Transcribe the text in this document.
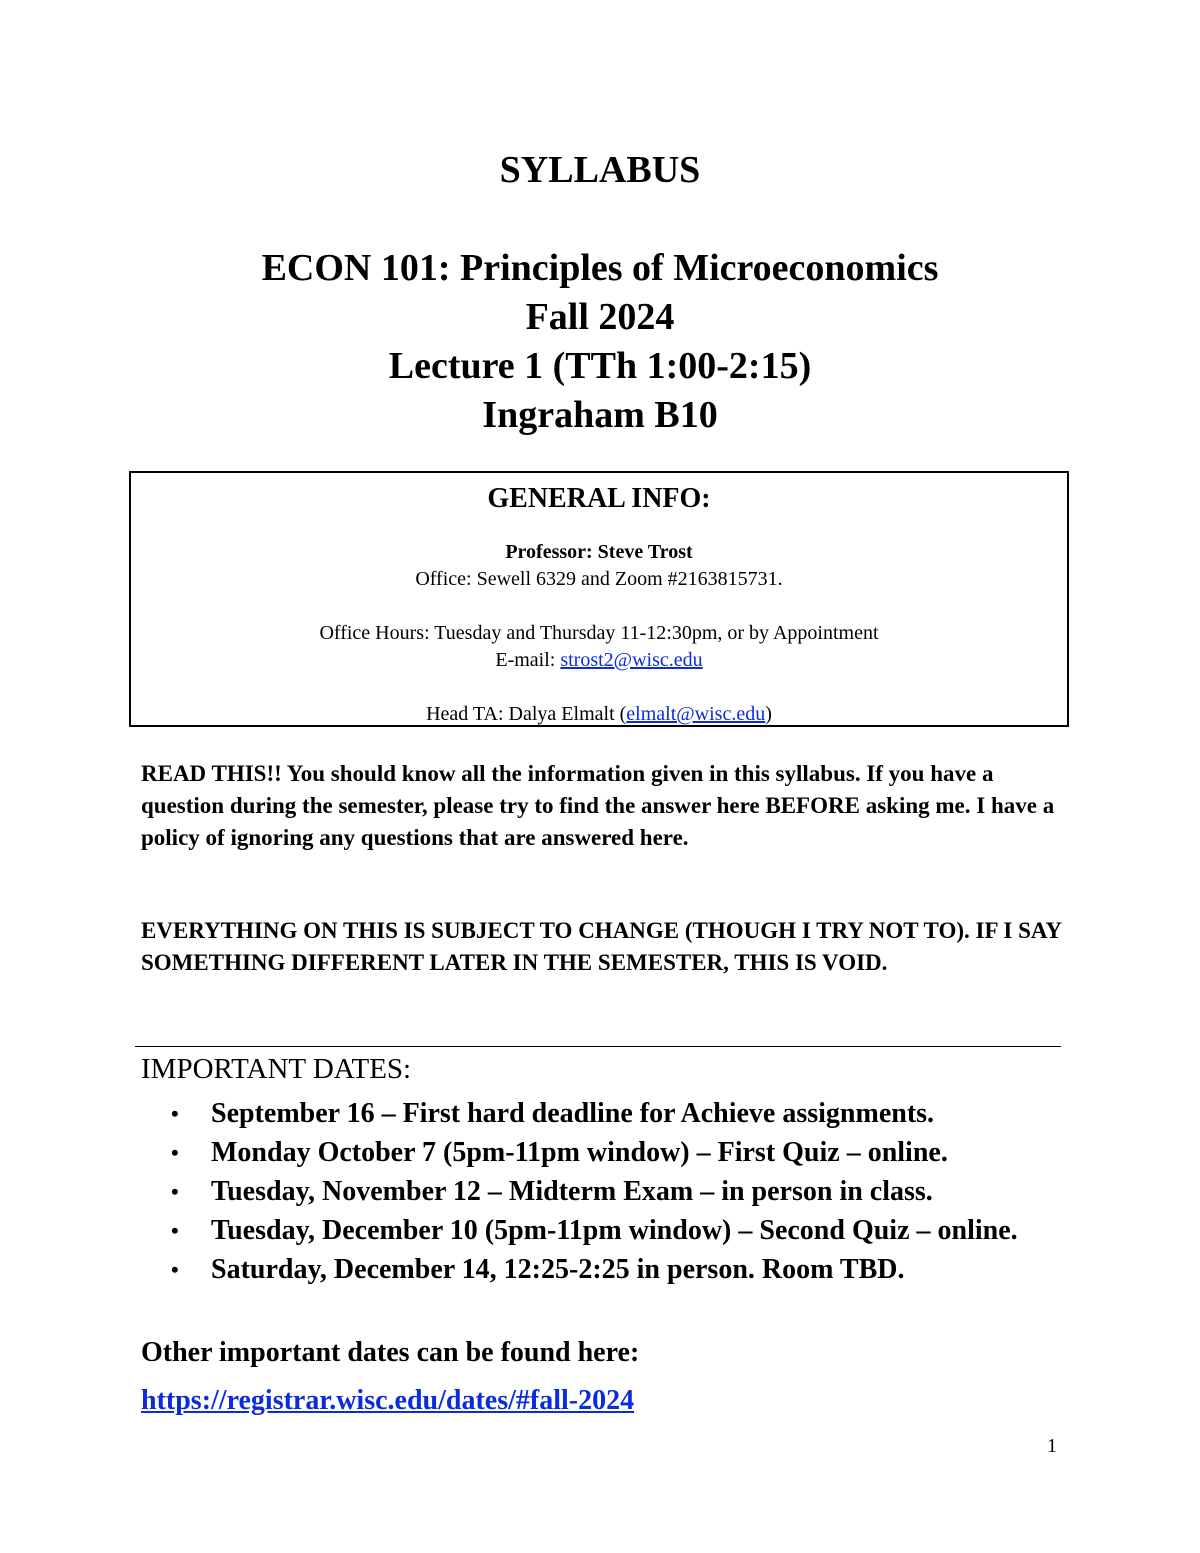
SYLLABUS
ECON 101: Principles of Microeconomics
Fall 2024
Lecture 1 (TTh 1:00-2:15)
Ingraham B10
GENERAL INFO:
Professor: Steve Trost
Office: Sewell 6329 and Zoom #2163815731.
Office Hours: Tuesday and Thursday 11-12:30pm, or by Appointment
E-mail: strost2@wisc.edu
Head TA: Dalya Elmalt (elmalt@wisc.edu)

READ THIS!! You should know all the information given in this syllabus. If you have a question during the semester, please try to find the answer here BEFORE asking me. I have a policy of ignoring any questions that are answered here.

EVERYTHING ON THIS IS SUBJECT TO CHANGE (THOUGH I TRY NOT TO). IF I SAY SOMETHING DIFFERENT LATER IN THE SEMESTER, THIS IS VOID.

IMPORTANT DATES:
• September 16 – First hard deadline for Achieve assignments.
• Monday October 7 (5pm-11pm window) – First Quiz – online.
• Tuesday, November 12 – Midterm Exam – in person in class.
• Tuesday, December 10 (5pm-11pm window) – Second Quiz – online.
• Saturday, December 14, 12:25-2:25 in person. Room TBD.
Other important dates can be found here:
https://registrar.wisc.edu/dates/#fall-2024
1
